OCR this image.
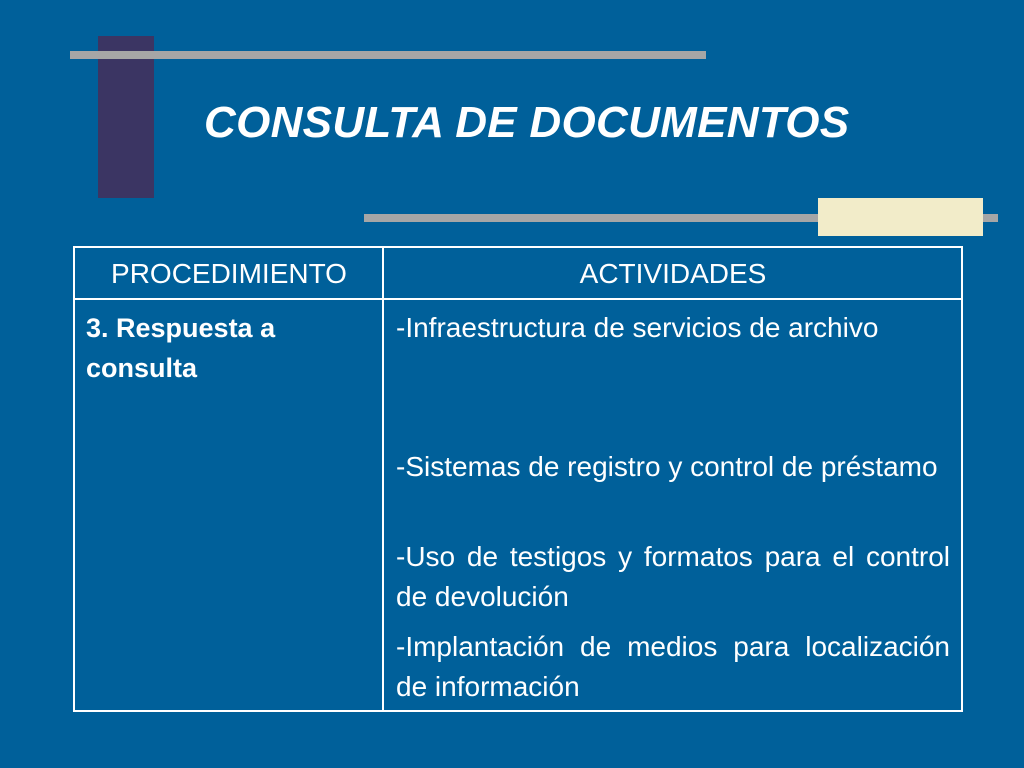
CONSULTA DE DOCUMENTOS
PROCEDIMIENTO	ACTIVIDADES
3. Respuesta a consulta

-Infraestructura de servicios de archivo

-Sistemas de registro y control de préstamo

-Uso de testigos y formatos para el control de devolución

-Implantación de medios para localización de información
